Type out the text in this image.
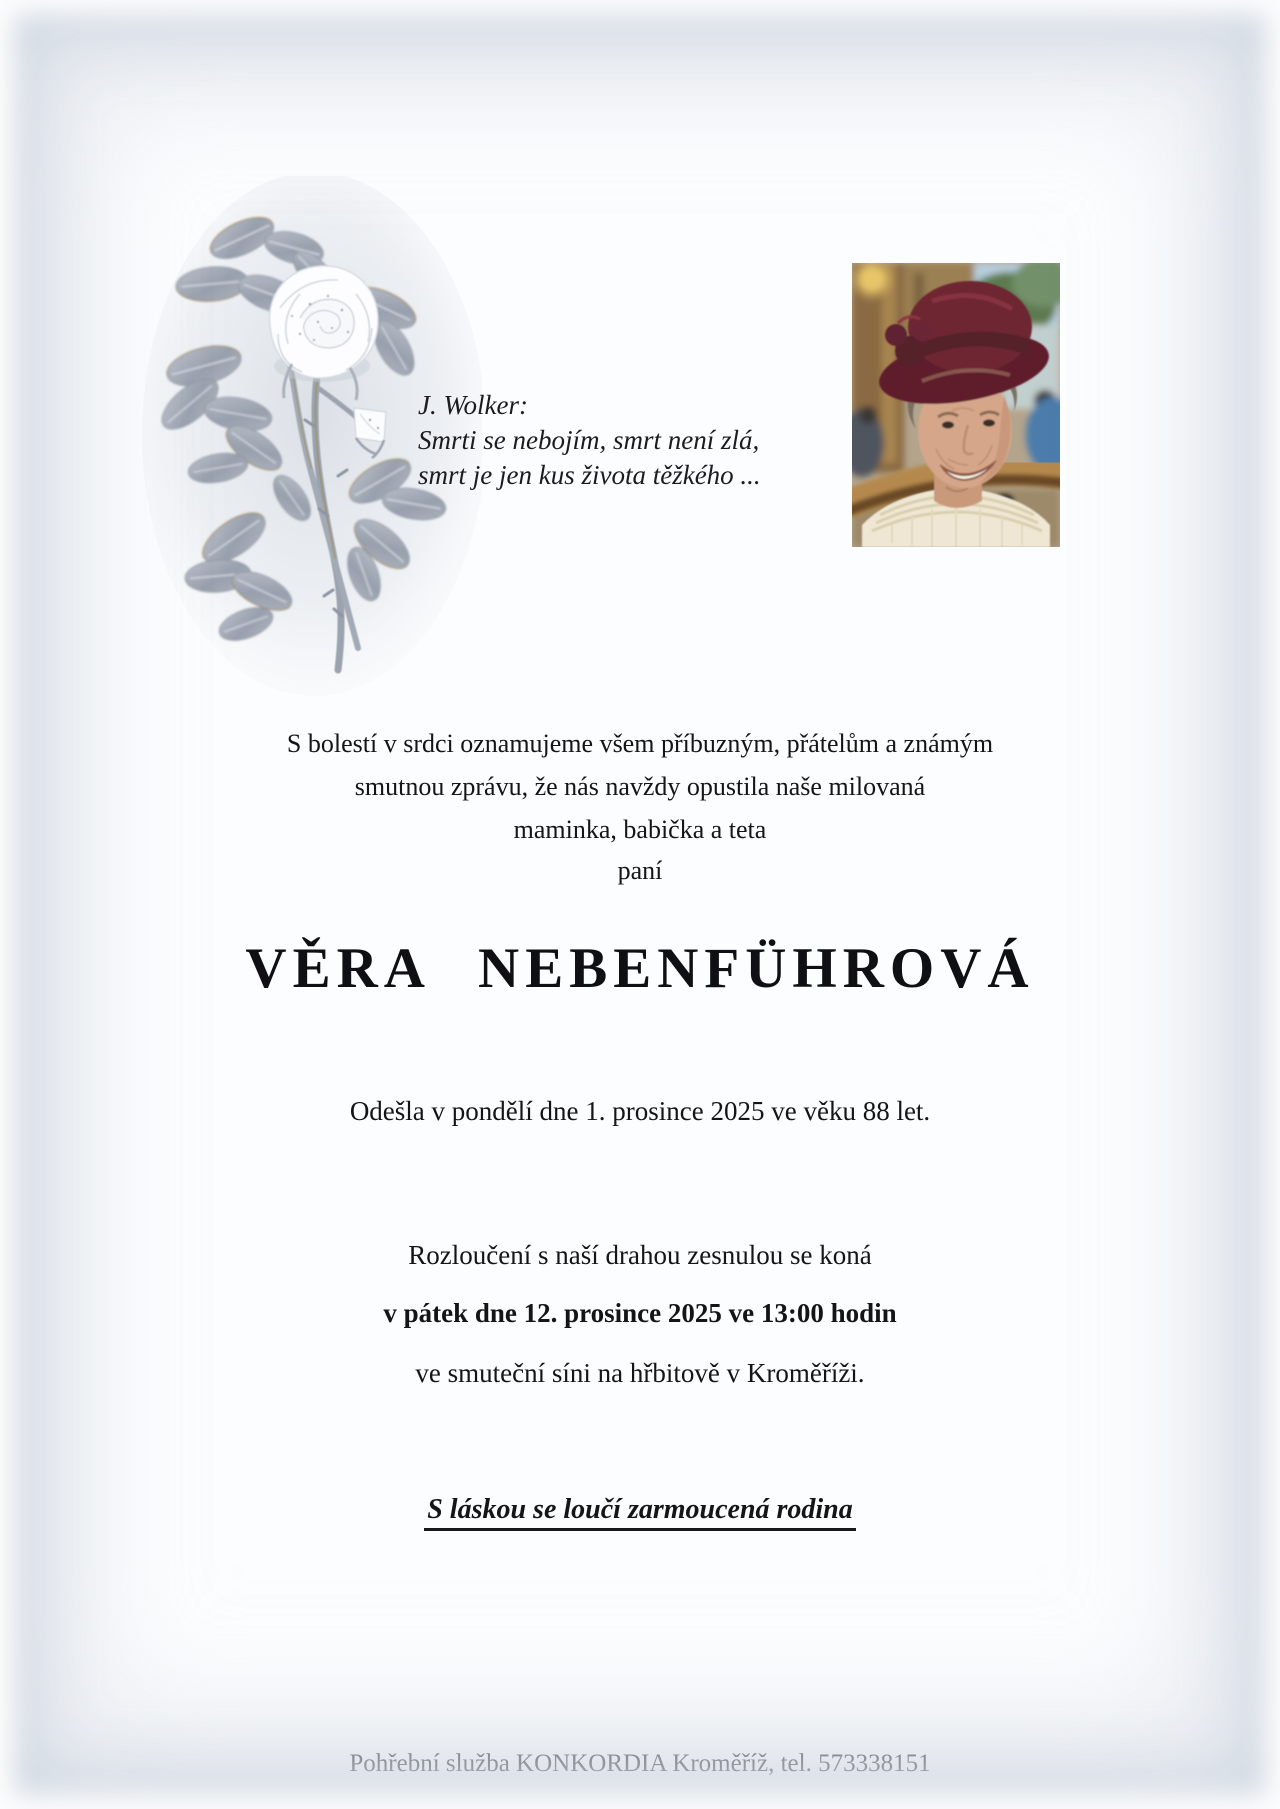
J. Wolker:
Smrti se nebojím, smrt není zlá,
smrt je jen kus života těžkého ...
S bolestí v srdci oznamujeme všem příbuzným, přátelům a známým
smutnou zprávu, že nás navždy opustila naše milovaná
maminka, babička a teta
paní
VĚRA NEBENFÜHROVÁ
Odešla v pondělí dne 1. prosince 2025 ve věku 88 let.
Rozloučení s naší drahou zesnulou se koná
v pátek dne 12. prosince 2025 ve 13:00 hodin
ve smuteční síni na hřbitově v Kroměříži.
S láskou se loučí zarmoucená rodina
Pohřební služba KONKORDIA Kroměříž, tel. 573338151
